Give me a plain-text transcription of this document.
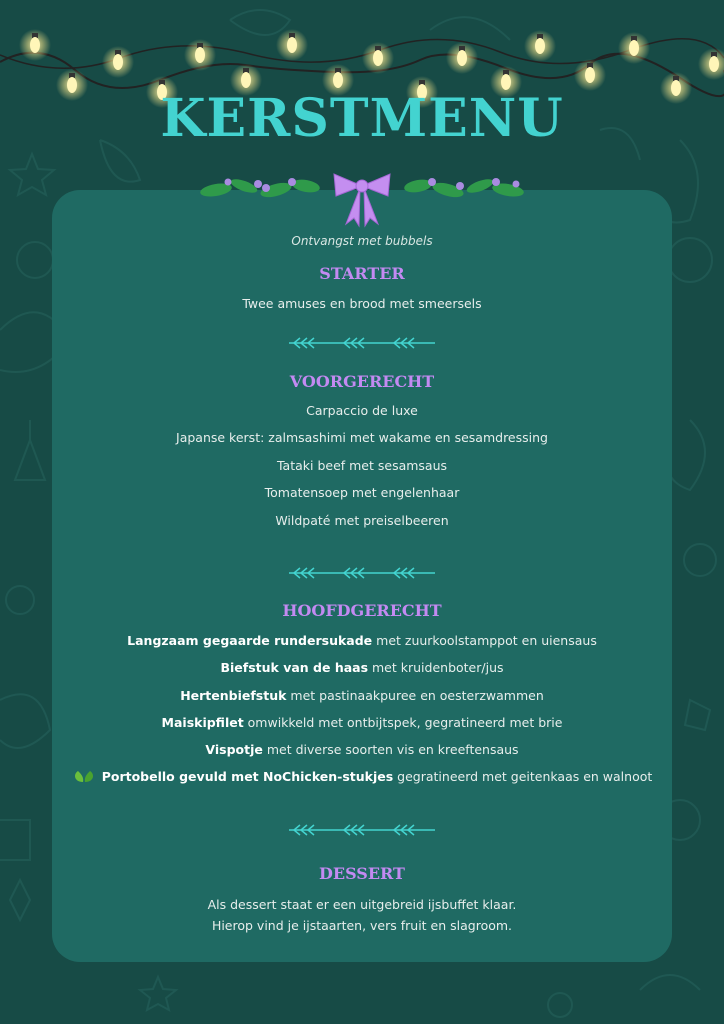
KERSTMENU
Ontvangst met bubbels
STARTER
Twee amuses en brood met smeersels
VOORGERECHT
Carpaccio de luxe
Japanse kerst: zalmsashimi met wakame en sesamdressing
Tataki beef met sesamsaus
Tomatensoep met engelenhaar
Wildpaté met preiselbeeren
HOOFDGERECHT
Langzaam gegaarde rundersukade met zuurkoolstamppot en uiensaus
Biefstuk van de haas met kruidenboter/jus
Hertenbiefstuk met pastinaakpuree en oesterzwammen
Maiskipfilet omwikkeld met ontbijtspek, gegratineerd met brie
Vispotje met diverse soorten vis en kreeftensaus
Portobello gevuld met NoChicken-stukjes gegratineerd met geitenkaas en walnoot
DESSERT
Als dessert staat er een uitgebreid ijsbuffet klaar.
Hierop vind je ijstaarten, vers fruit en slagroom.
